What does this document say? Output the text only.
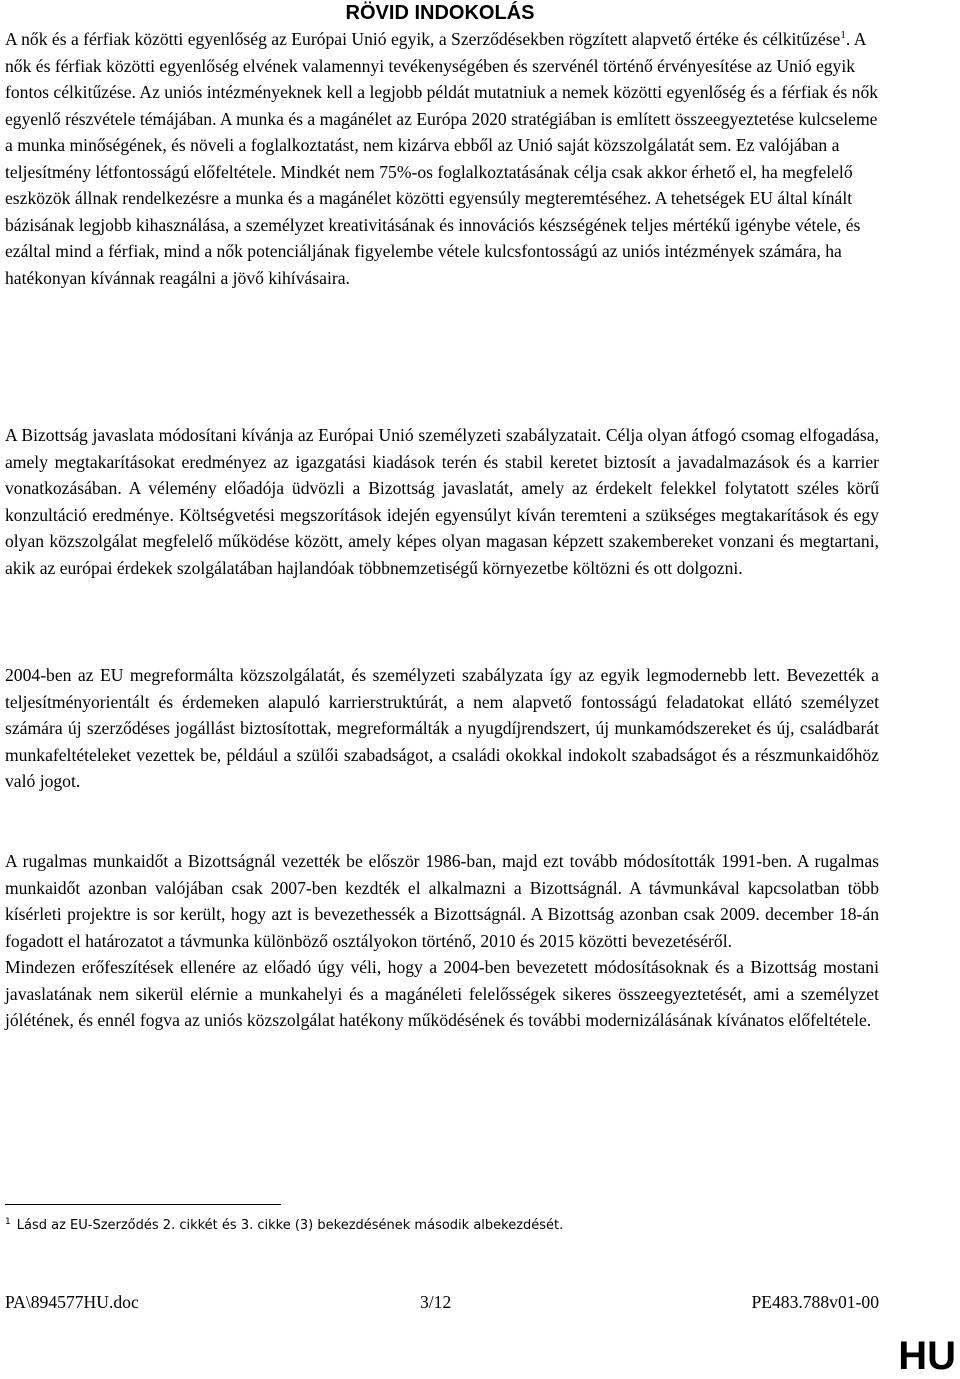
RÖVID INDOKOLÁS

A nők és a férfiak közötti egyenlőség az Európai Unió egyik, a Szerződésekben rögzített alapvető értéke és célkitűzése$^1$. A nők és férfiak közötti egyenlőség elvének valamennyi tevékenységében és szervénél történő érvényesítése az Unió egyik fontos célkitűzése. Az uniós intézményeknek kell a legjobb példát mutatniuk a nemek közötti egyenlőség és a férfiak és nők egyenlő részvétele témájában. A munka és a magánélet az Európa 2020 stratégiában is említett összeegyeztetése kulcseleme a munka minőségének, és növeli a foglalkoztatást, nem kizárva ebből az Unió saját közszolgálatát sem. Ez valójában a teljesítmény létfontosságú előfeltétele. Mindkét nem 75%-os foglalkoztatásának célja csak akkor érhető el, ha megfelelő eszközök állnak rendelkezésre a munka és a magánélet közötti egyensúly megteremtéséhez. A tehetségek EU által kínált bázisának legjobb kihasználása, a személyzet kreativitásának és innovációs készségének teljes mértékű igénybe vétele, és ezáltal mind a férfiak, mind a nők potenciáljának figyelembe vétele kulcsfontosságú az uniós intézmények számára, ha hatékonyan kívánnak reagálni a jövő kihívásaira.

A Bizottság javaslata módosítani kívánja az Európai Unió személyzeti szabályzatait. Célja olyan átfogó csomag elfogadása, amely megtakarításokat eredményez az igazgatási kiadások terén és stabil keretet biztosít a javadalmazások és a karrier vonatkozásában. A vélemény előadója üdvözli a Bizottság javaslatát, amely az érdekelt felekkel folytatott széles körű konzultáció eredménye. Költségvetési megszorítások idején egyensúlyt kíván teremteni a szükséges megtakarítások és egy olyan közszolgálat megfelelő működése között, amely képes olyan magasan képzett szakembereket vonzani és megtartani, akik az európai érdekek szolgálatában hajlandóak többnemzetiségű környezetbe költözni és ott dolgozni.

2004-ben az EU megreformálta közszolgálatát, és személyzeti szabályzata így az egyik legmodernebb lett. Bevezették a teljesítményorientált és érdemeken alapuló karrierstruktúrát, a nem alapvető fontosságú feladatokat ellátó személyzet számára új szerződéses jogállást biztosítottak, megreformálták a nyugdíjrendszert, új munkamódszereket és új, családbarát munkafeltételeket vezettek be, például a szülői szabadságot, a családi okokkal indokolt szabadságot és a részmunkaidőhöz való jogot.

A rugalmas munkaidőt a Bizottságnál vezették be először 1986-ban, majd ezt tovább módosították 1991-ben. A rugalmas munkaidőt azonban valójában csak 2007-ben kezdték el alkalmazni a Bizottságnál. A távmunkával kapcsolatban több kísérleti projektre is sor került, hogy azt is bevezethessék a Bizottságnál. A Bizottság azonban csak 2009. december 18-án fogadott el határozatot a távmunka különböző osztályokon történő, 2010 és 2015 közötti bevezetéséről.

Mindezen erőfeszítések ellenére az előadó úgy véli, hogy a 2004-ben bevezetett módosításoknak és a Bizottság mostani javaslatának nem sikerül elérnie a munkahelyi és a magánéleti felelősségek sikeres összeegyeztetését, ami a személyzet jólétének, és ennél fogva az uniós közszolgálat hatékony működésének és további modernizálásának kívánatos előfeltétele.

$^1$ Lásd az EU-Szerződés 2. cikkét és 3. cikke (3) bekezdésének második albekezdését.
PA\894577HU.doc	3/12	PE483.788v01-00
HU
